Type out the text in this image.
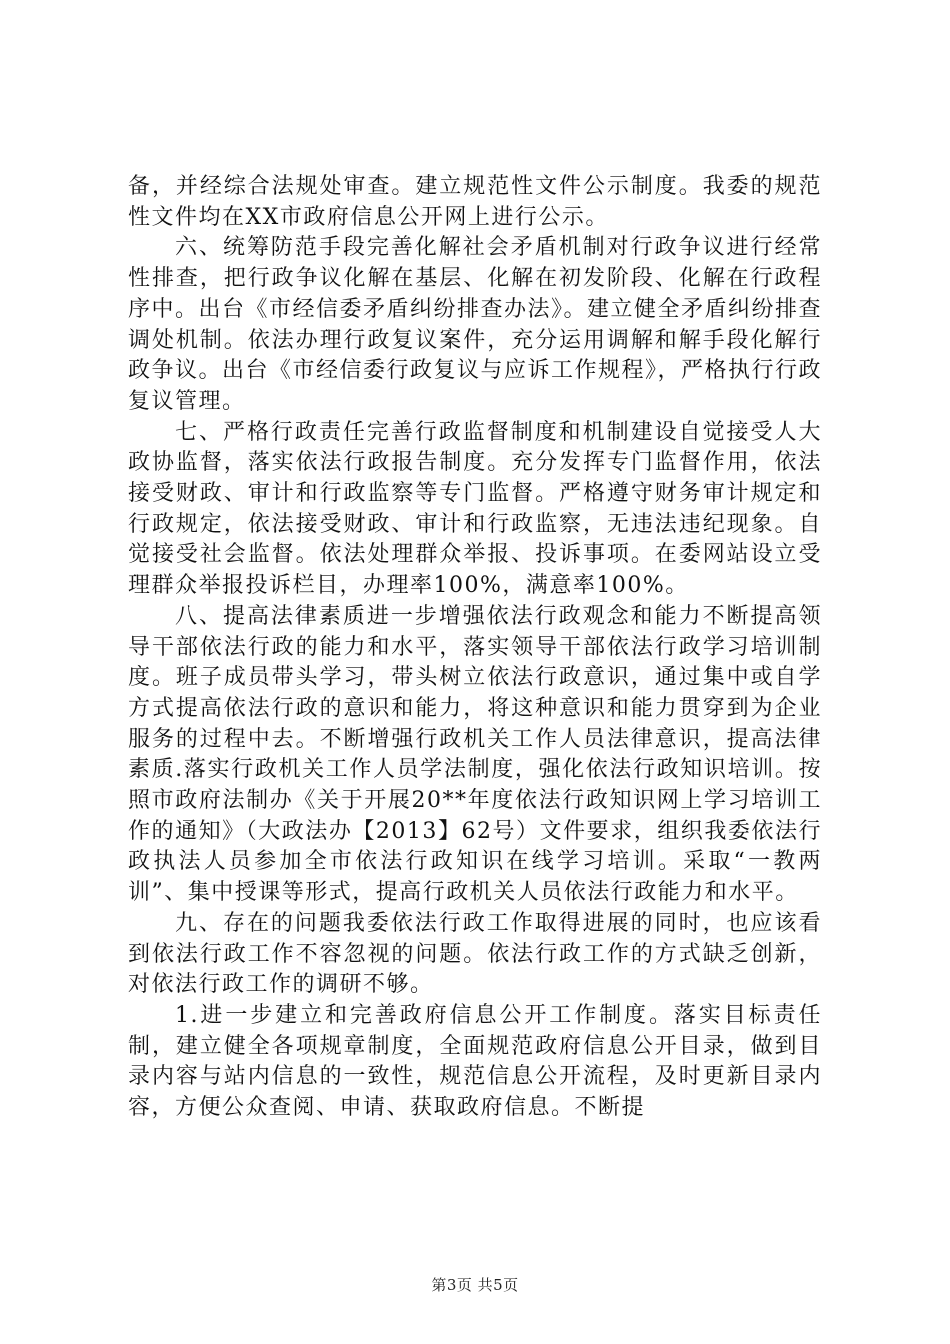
备，并经综合法规处审查。建立规范性文件公示制度。我委的规范性文件均在XX市政府信息公开网上进行公示。

六、统筹防范手段完善化解社会矛盾机制对行政争议进行经常性排查，把行政争议化解在基层、化解在初发阶段、化解在行政程序中。出台《市经信委矛盾纠纷排查办法》。建立健全矛盾纠纷排查调处机制。依法办理行政复议案件，充分运用调解和解手段化解行政争议。出台《市经信委行政复议与应诉工作规程》，严格执行行政复议管理。

七、严格行政责任完善行政监督制度和机制建设自觉接受人大政协监督，落实依法行政报告制度。充分发挥专门监督作用，依法接受财政、审计和行政监察等专门监督。严格遵守财务审计规定和行政规定，依法接受财政、审计和行政监察，无违法违纪现象。自觉接受社会监督。依法处理群众举报、投诉事项。在委网站设立受理群众举报投诉栏目，办理率100%，满意率100%。

八、提高法律素质进一步增强依法行政观念和能力不断提高领导干部依法行政的能力和水平，落实领导干部依法行政学习培训制度。班子成员带头学习，带头树立依法行政意识，通过集中或自学方式提高依法行政的意识和能力，将这种意识和能力贯穿到为企业服务的过程中去。不断增强行政机关工作人员法律意识，提高法律素质.落实行政机关工作人员学法制度，强化依法行政知识培训。按照市政府法制办《关于开展20**年度依法行政知识网上学习培训工作的通知》（大政法办【2013】62号）文件要求，组织我委依法行政执法人员参加全市依法行政知识在线学习培训。采取“一教两训”、集中授课等形式，提高行政机关人员依法行政能力和水平。

九、存在的问题我委依法行政工作取得进展的同时，也应该看到依法行政工作不容忽视的问题。依法行政工作的方式缺乏创新，对依法行政工作的调研不够。

1.进一步建立和完善政府信息公开工作制度。落实目标责任制，建立健全各项规章制度，全面规范政府信息公开目录，做到目录内容与站内信息的一致性，规范信息公开流程，及时更新目录内容，方便公众查阅、申请、获取政府信息。不断提

第3页 共5页
